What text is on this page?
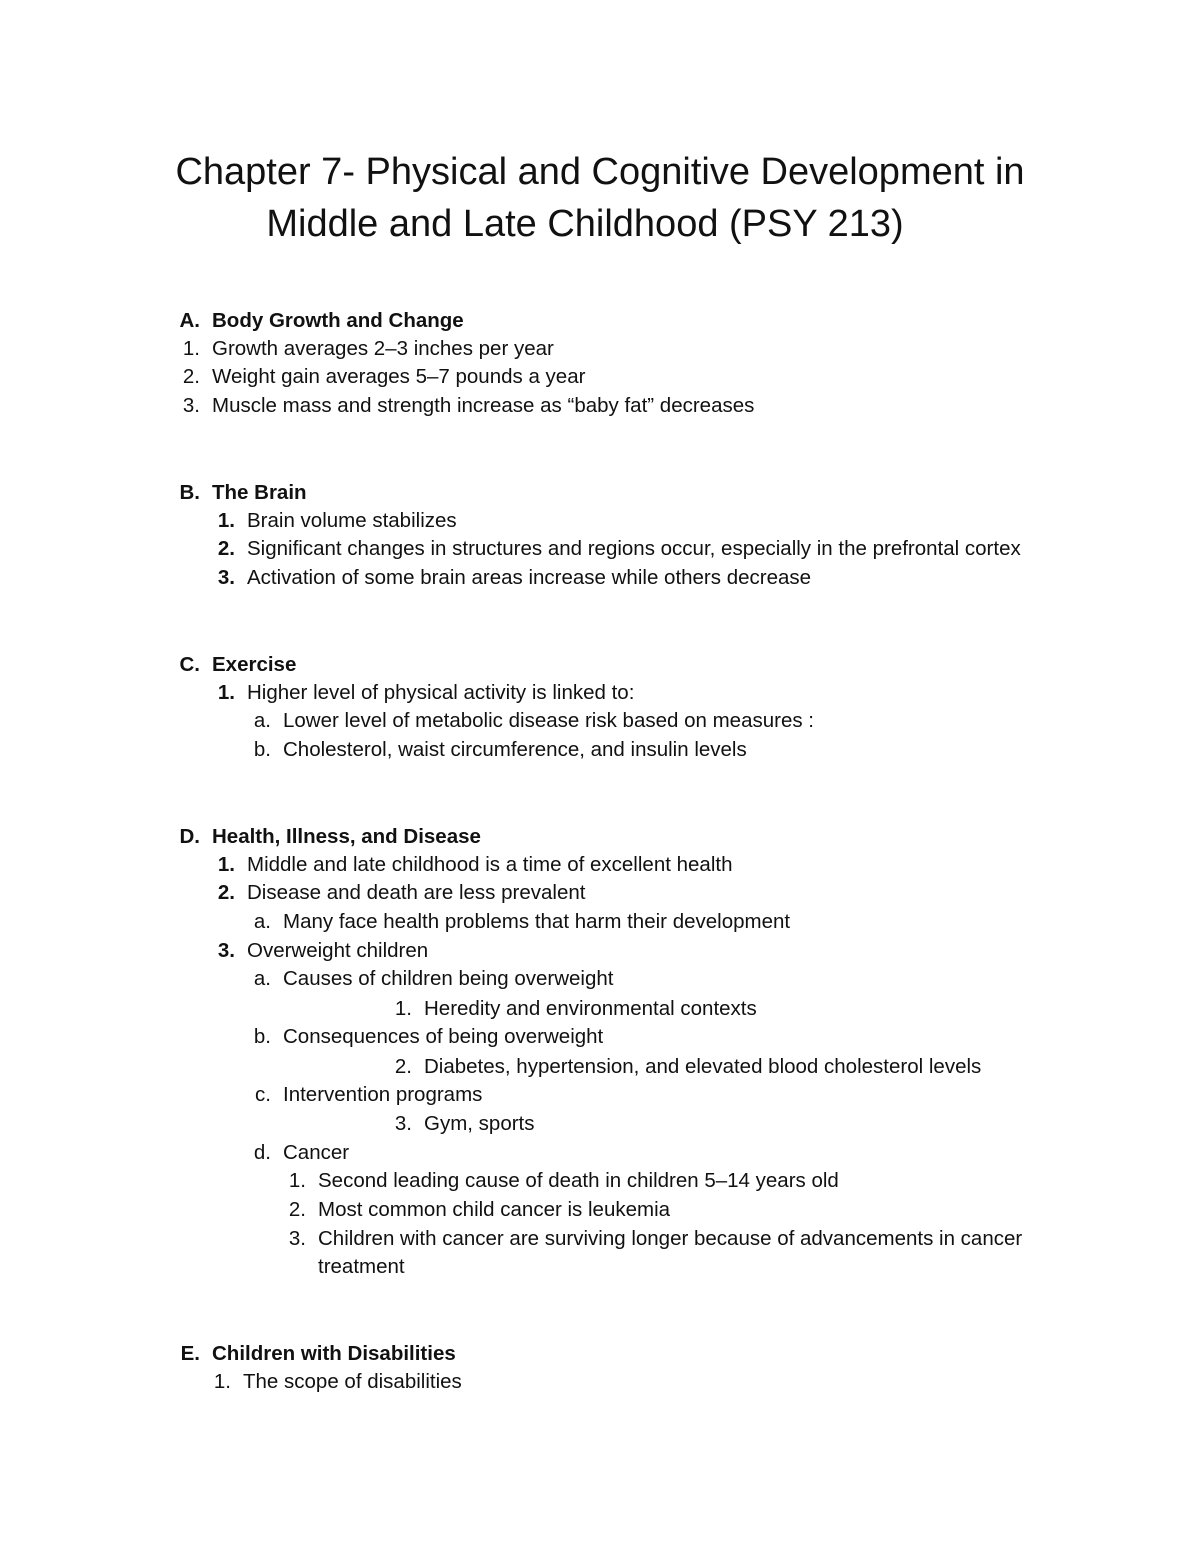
Chapter 7- Physical and Cognitive Development in
Middle and Late Childhood (PSY 213)
A. Body Growth and Change
1. Growth averages 2–3 inches per year
2. Weight gain averages 5–7 pounds a year
3. Muscle mass and strength increase as “baby fat” decreases
B. The Brain
1. Brain volume stabilizes
2. Significant changes in structures and regions occur, especially in the prefrontal cortex
3. Activation of some brain areas increase while others decrease
C. Exercise
1. Higher level of physical activity is linked to:
a. Lower level of metabolic disease risk based on measures :
b. Cholesterol, waist circumference, and insulin levels
D. Health, Illness, and Disease
1. Middle and late childhood is a time of excellent health
2. Disease and death are less prevalent
a. Many face health problems that harm their development
3. Overweight children
a. Causes of children being overweight
1. Heredity and environmental contexts
b. Consequences of being overweight
2. Diabetes, hypertension, and elevated blood cholesterol levels
c. Intervention programs
3. Gym, sports
d. Cancer
1. Second leading cause of death in children 5–14 years old
2. Most common child cancer is leukemia
3. Children with cancer are surviving longer because of advancements in cancer treatment
E. Children with Disabilities
1. The scope of disabilities
